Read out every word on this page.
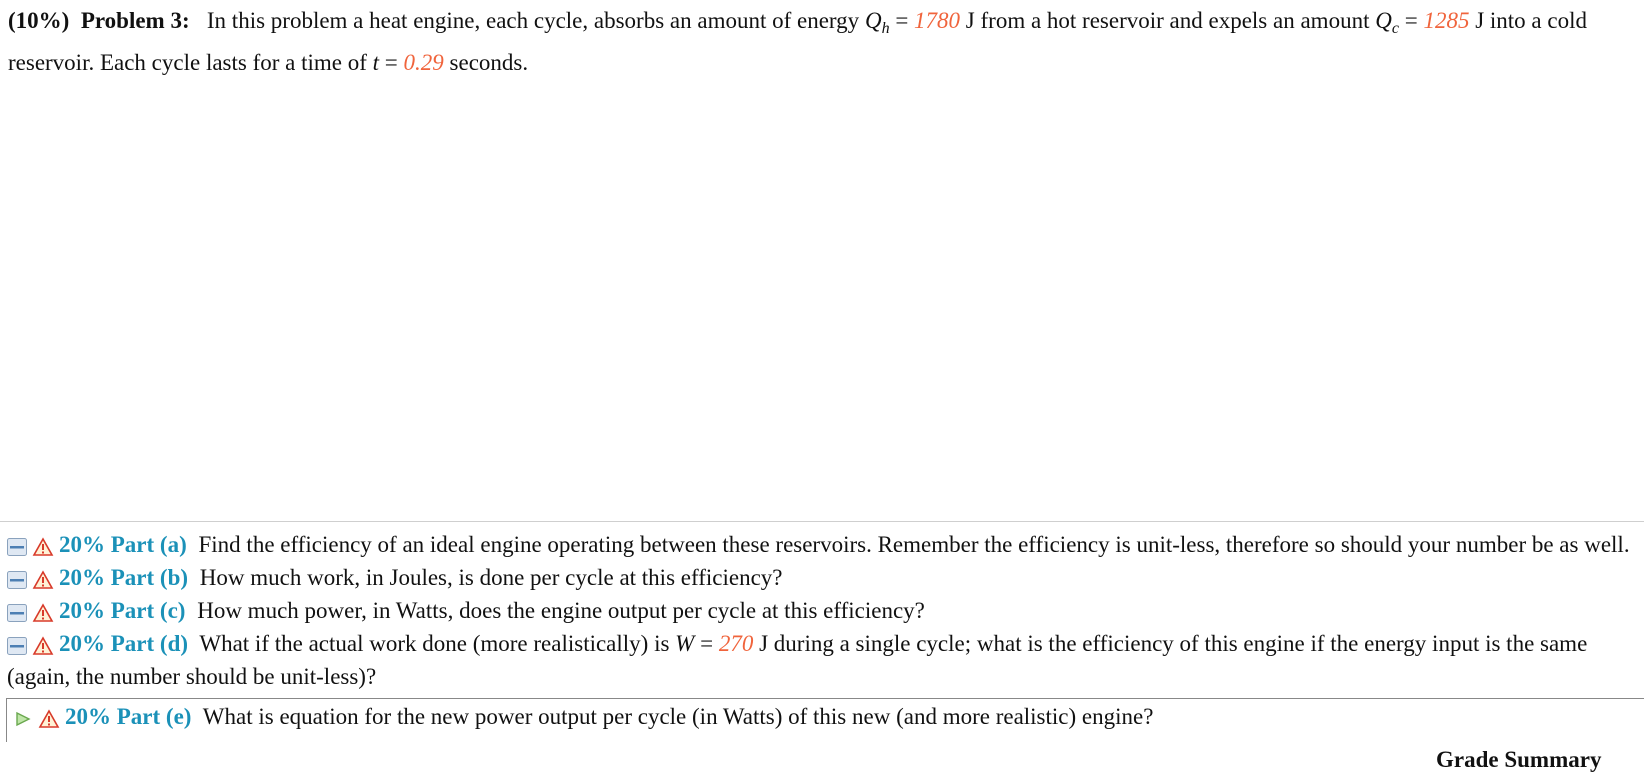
(10%) Problem 3: In this problem a heat engine, each cycle, absorbs an amount of energy $Q_h = 1780$ J from a hot reservoir and expels an amount $Q_c = 1285$ J into a cold reservoir. Each cycle lasts for a time of t = 0.29 seconds.
20% Part (a) Find the efficiency of an ideal engine operating between these reservoirs. Remember the efficiency is unit-less, therefore so should your number be as well.
20% Part (b) How much work, in Joules, is done per cycle at this efficiency?
20% Part (c) How much power, in Watts, does the engine output per cycle at this efficiency?
20% Part (d) What if the actual work done (more realistically) is W = 270 J during a single cycle; what is the efficiency of this engine if the energy input is the same (again, the number should be unit-less)?
20% Part (e) What is equation for the new power output per cycle (in Watts) of this new (and more realistic) engine?
Grade Summary
